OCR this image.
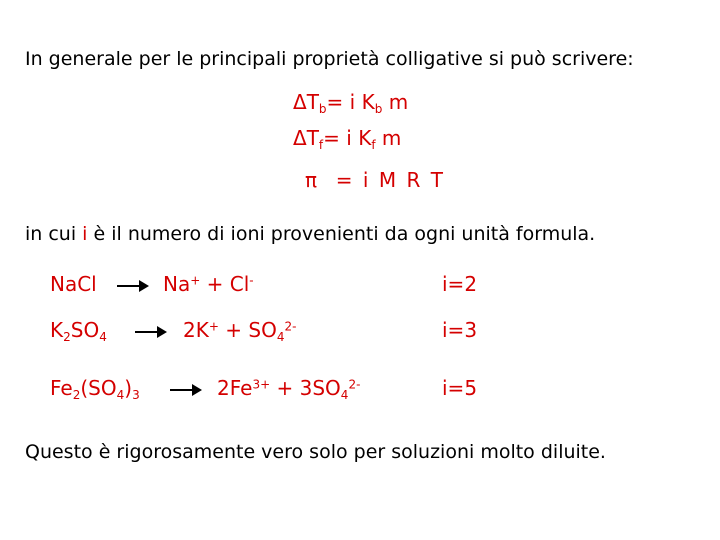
In generale per le principali proprietà colligative si può scrivere:
$\Delta T_b= i$ $K_b$ m
$\Delta T_f= i$ $K_f$ m
π = i M R T
in cui i è il numero di ioni provenienti da ogni unità formula.
NaCl → Na+ + Cl-	i=2
$K_2SO_4 \to 2K^+ + SO_4^{2-}$	i=3
$Fe_2(SO_4)_3 \to 2Fe^{3+} + 3SO_4^{2-}$	i=5
Questo è rigorosamente vero solo per soluzioni molto diluite.
